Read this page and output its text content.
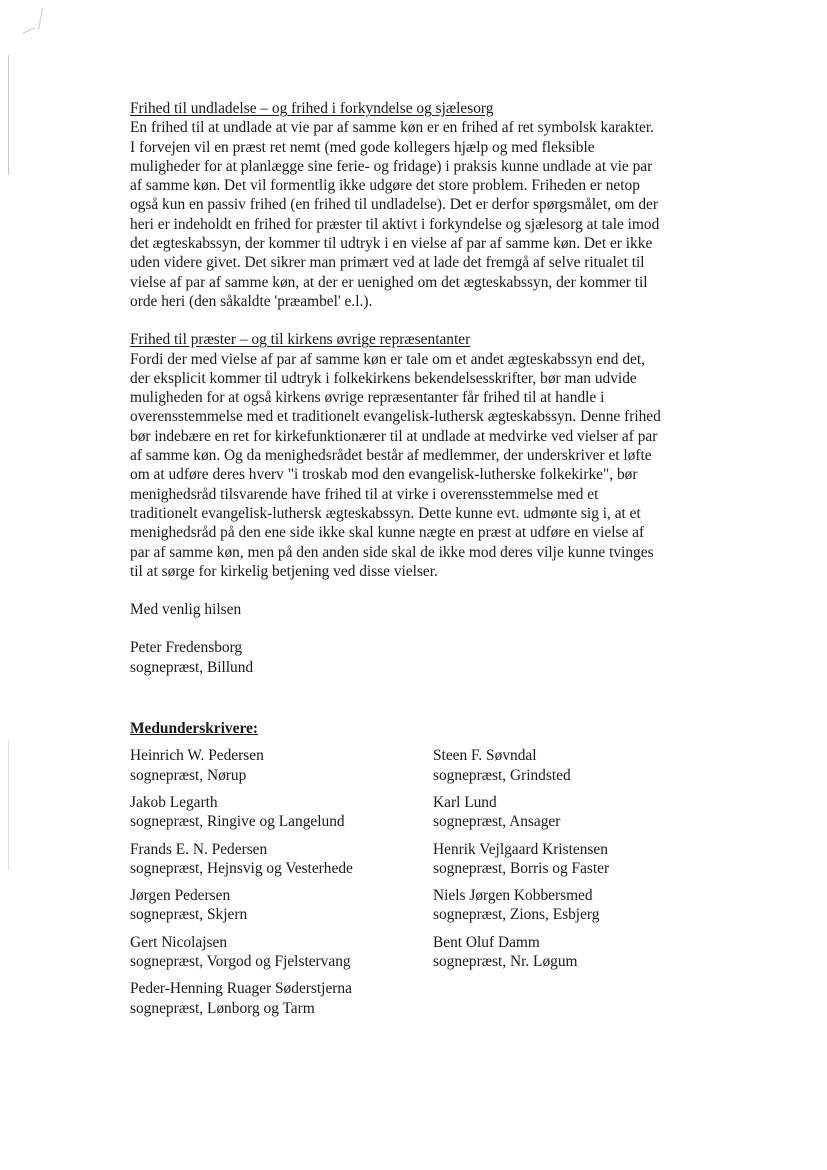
Frihed til undladelse – og frihed i forkyndelse og sjælesorg
En frihed til at undlade at vie par af samme køn er en frihed af ret symbolsk karakter.
I forvejen vil en præst ret nemt (med gode kollegers hjælp og med fleksible
muligheder for at planlægge sine ferie- og fridage) i praksis kunne undlade at vie par
af samme køn. Det vil formentlig ikke udgøre det store problem. Friheden er netop
også kun en passiv frihed (en frihed til undladelse). Det er derfor spørgsmålet, om der
heri er indeholdt en frihed for præster til aktivt i forkyndelse og sjælesorg at tale imod
det ægteskabssyn, der kommer til udtryk i en vielse af par af samme køn. Det er ikke
uden videre givet. Det sikrer man primært ved at lade det fremgå af selve ritualet til
vielse af par af samme køn, at der er uenighed om det ægteskabssyn, der kommer til
orde heri (den såkaldte 'præambel' e.l.).
Frihed til præster – og til kirkens øvrige repræsentanter
Fordi der med vielse af par af samme køn er tale om et andet ægteskabssyn end det,
der eksplicit kommer til udtryk i folkekirkens bekendelsesskrifter, bør man udvide
muligheden for at også kirkens øvrige repræsentanter får frihed til at handle i
overensstemmelse med et traditionelt evangelisk-luthersk ægteskabssyn. Denne frihed
bør indebære en ret for kirkefunktionærer til at undlade at medvirke ved vielser af par
af samme køn. Og da menighedsrådet består af medlemmer, der underskriver et løfte
om at udføre deres hverv "i troskab mod den evangelisk-lutherske folkekirke", bør
menighedsråd tilsvarende have frihed til at virke i overensstemmelse med et
traditionelt evangelisk-luthersk ægteskabssyn. Dette kunne evt. udmønte sig i, at et
menighedsråd på den ene side ikke skal kunne nægte en præst at udføre en vielse af
par af samme køn, men på den anden side skal de ikke mod deres vilje kunne tvinges
til at sørge for kirkelig betjening ved disse vielser.
Med venlig hilsen
Peter Fredensborg
sognepræst, Billund
Medunderskrivere:
Heinrich W. Pedersen
sognepræst, Nørup
Jakob Legarth
sognepræst, Ringive og Langelund
Frands E. N. Pedersen
sognepræst, Hejnsvig og Vesterhede
Jørgen Pedersen
sognepræst, Skjern
Gert Nicolajsen
sognepræst, Vorgod og Fjelstervang
Peder-Henning Ruager Søderstjerna
sognepræst, Lønborg og Tarm
Steen F. Søvndal
sognepræst, Grindsted
Karl Lund
sognepræst, Ansager
Henrik Vejlgaard Kristensen
sognepræst, Borris og Faster
Niels Jørgen Kobbersmed
sognepræst, Zions, Esbjerg
Bent Oluf Damm
sognepræst, Nr. Løgum
